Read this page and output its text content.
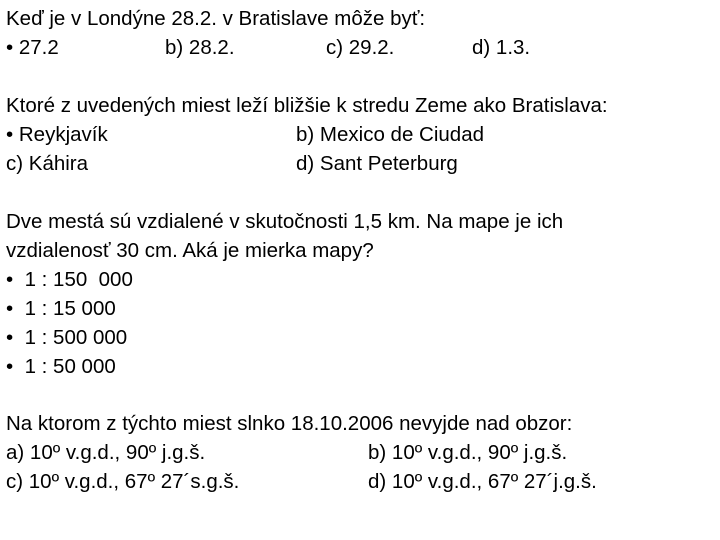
Keď je v Londýne 28.2. v Bratislave môže byť:
• 27.2	b) 28.2.	c) 29.2.	d) 1.3.
Ktoré z uvedených miest leží bližšie k stredu Zeme ako Bratislava:
• Reykjavík	b) Mexico de Ciudad
c) Káhira	d) Sant Peterburg
Dve mestá sú vzdialené v skutočnosti 1,5 km. Na mape je ich
vzdialenosť 30 cm. Aká je mierka mapy?
•  1 : 150  000
•  1 : 15 000
•  1 : 500 000
•  1 : 50 000
Na ktorom z týchto miest slnko 18.10.2006 nevyjde nad obzor:
a) 10º v.g.d., 90º j.g.š.	b) 10º v.g.d., 90º j.g.š.
c) 10º v.g.d., 67º 27´s.g.š.	d) 10º v.g.d., 67º 27´j.g.š.
